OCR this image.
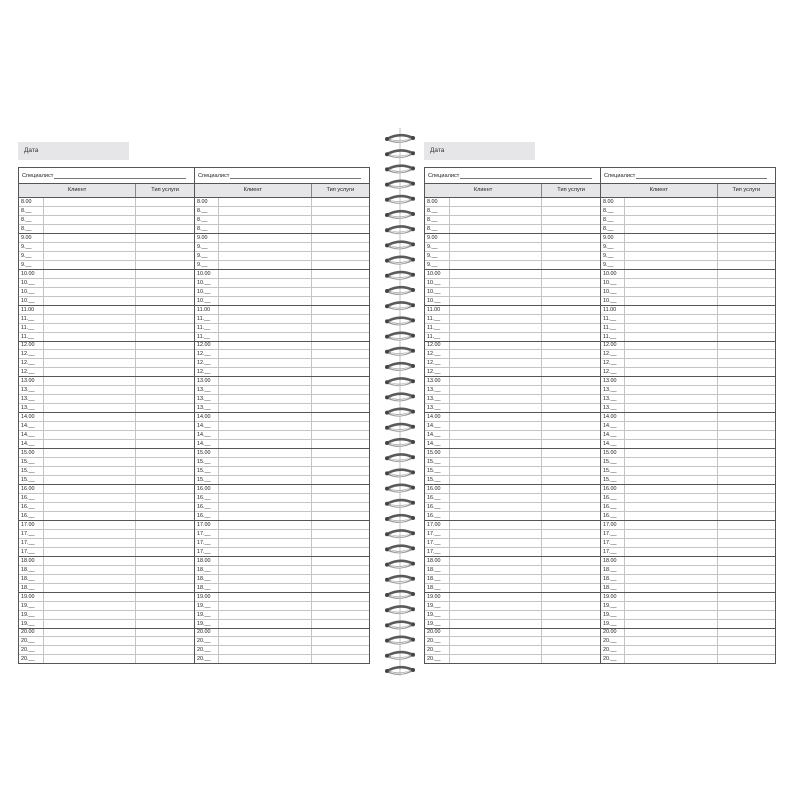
Дата
Специалист
Клиент	Тип услуги
8.00
8.__
8.__
8.__
9.00
9.__
9.__
9.__
10.00
10.__
10.__
10.__
11.00
11.__
11.__
11.__
12.00
12.__
12.__
12.__
13.00
13.__
13.__
13.__
14.00
14.__
14.__
14.__
15.00
15.__
15.__
15.__
16.00
16.__
16.__
16.__
17.00
17.__
17.__
17.__
18.00
18.__
18.__
18.__
19.00
19.__
19.__
19.__
20.00
20.__
20.__
20.__
Специалист
Клиент	Тип услуги
8.00
8.__
8.__
8.__
9.00
9.__
9.__
9.__
10.00
10.__
10.__
10.__
11.00
11.__
11.__
11.__
12.00
12.__
12.__
12.__
13.00
13.__
13.__
13.__
14.00
14.__
14.__
14.__
15.00
15.__
15.__
15.__
16.00
16.__
16.__
16.__
17.00
17.__
17.__
17.__
18.00
18.__
18.__
18.__
19.00
19.__
19.__
19.__
20.00
20.__
20.__
20.__
Дата
Специалист
Клиент	Тип услуги
8.00
8.__
8.__
8.__
9.00
9.__
9.__
9.__
10.00
10.__
10.__
10.__
11.00
11.__
11.__
11.__
12.00
12.__
12.__
12.__
13.00
13.__
13.__
13.__
14.00
14.__
14.__
14.__
15.00
15.__
15.__
15.__
16.00
16.__
16.__
16.__
17.00
17.__
17.__
17.__
18.00
18.__
18.__
18.__
19.00
19.__
19.__
19.__
20.00
20.__
20.__
20.__
Специалист
Клиент	Тип услуги
8.00
8.__
8.__
8.__
9.00
9.__
9.__
9.__
10.00
10.__
10.__
10.__
11.00
11.__
11.__
11.__
12.00
12.__
12.__
12.__
13.00
13.__
13.__
13.__
14.00
14.__
14.__
14.__
15.00
15.__
15.__
15.__
16.00
16.__
16.__
16.__
17.00
17.__
17.__
17.__
18.00
18.__
18.__
18.__
19.00
19.__
19.__
19.__
20.00
20.__
20.__
20.__
